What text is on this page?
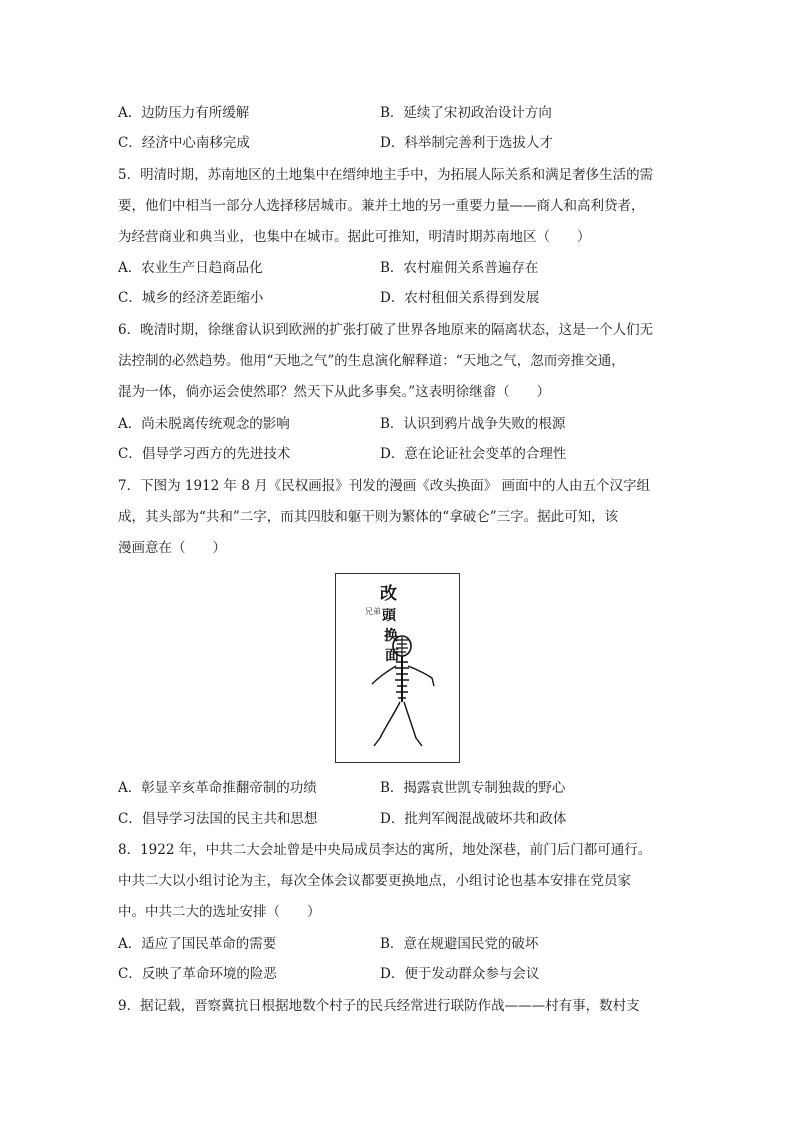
A．边防压力有所缓解	B．延续了宋初政治设计方向
C．经济中心南移完成	D．科举制完善利于选拔人才
5．明清时期，苏南地区的土地集中在缙绅地主手中，为拓展人际关系和满足奢侈生活的需
要，他们中相当一部分人选择移居城市。兼并土地的另一重要力量——商人和高利贷者，
为经营商业和典当业，也集中在城市。据此可推知，明清时期苏南地区（　　）
A．农业生产日趋商品化	B．农村雇佣关系普遍存在
C．城乡的经济差距缩小	D．农村租佃关系得到发展
6．晚清时期，徐继畲认识到欧洲的扩张打破了世界各地原来的隔离状态，这是一个人们无
法控制的必然趋势。他用“天地之气”的生息演化解释道：“天地之气，忽而旁推交通，
混为一体，倘亦运会使然耶？然天下从此多事矣。”这表明徐继畲（　　）
A．尚未脱离传统观念的影响	B．认识到鸦片战争失败的根源
C．倡导学习西方的先进技术	D．意在论证社会变革的合理性
7．下图为 1912 年 8 月《民权画报》刊发的漫画《改头换面》 画面中的人由五个汉字组
成，其头部为“共和”二字，而其四肢和躯干则为繁体的“拿破仑”三字。据此可知，该
漫画意在（　　）
改
頭
兄弟
换
面
A．彰显辛亥革命推翻帝制的功绩	B．揭露袁世凯专制独裁的野心
C．倡导学习法国的民主共和思想	D．批判军阀混战破坏共和政体
8．1922 年，中共二大会址曾是中央局成员李达的寓所，地处深巷，前门后门都可通行。
中共二大以小组讨论为主，每次全体会议都要更换地点，小组讨论也基本安排在党员家
中。中共二大的选址安排（　　）
A．适应了国民革命的需要	B．意在规避国民党的破坏
C．反映了革命环境的险恶	D．便于发动群众参与会议
9．据记载，晋察冀抗日根据地数个村子的民兵经常进行联防作战———村有事，数村支
